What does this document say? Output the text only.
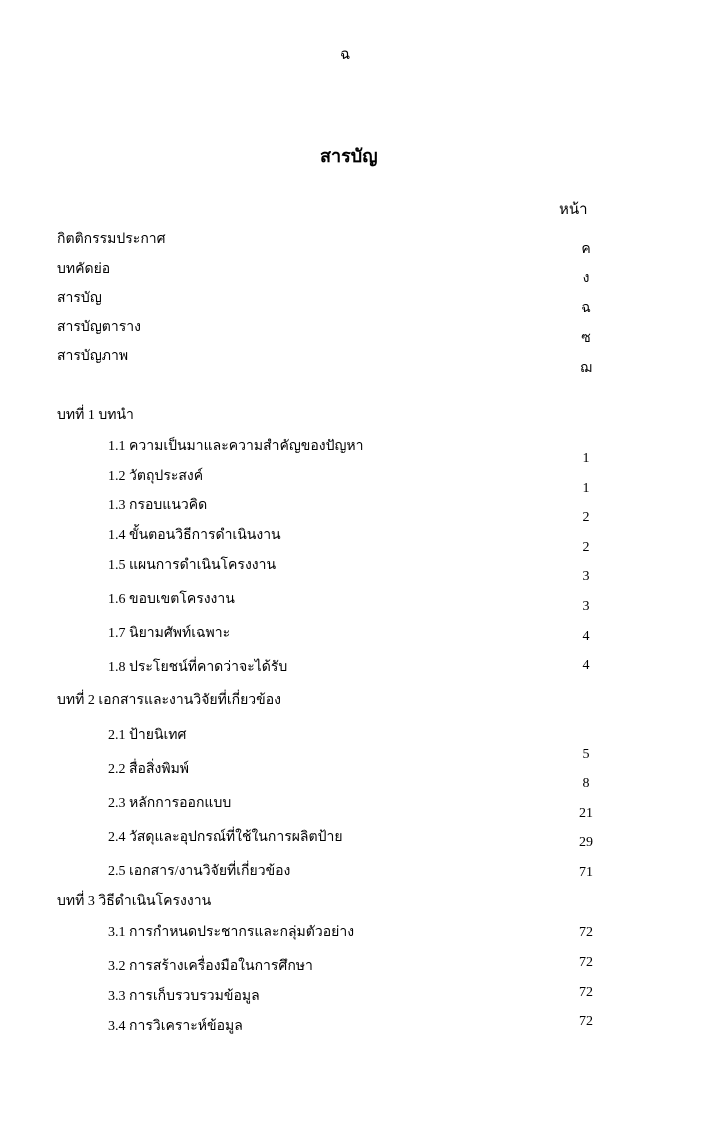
ฉ
สารบัญ
หน้า
กิตติกรรมประกาศ
บทคัดย่อ
สารบัญ
สารบัญตาราง
สารบัญภาพ
ค
ง
ฉ
ซ
ฌ
บทที่ 1 บทนำ
1.1 ความเป็นมาและความสำคัญของปัญหา
1.2 วัตถุประสงค์
1.3 กรอบแนวคิด
1.4 ขั้นตอนวิธีการดำเนินงาน
1.5 แผนการดำเนินโครงงาน
1.6 ขอบเขตโครงงาน
1.7 นิยามศัพท์เฉพาะ
1.8 ประโยชน์ที่คาดว่าจะได้รับ
1
1
2
2
3
3
4
4
บทที่ 2 เอกสารและงานวิจัยที่เกี่ยวข้อง
2.1 ป้ายนิเทศ
2.2 สื่อสิ่งพิมพ์
2.3 หลักการออกแบบ
2.4 วัสดุและอุปกรณ์ที่ใช้ในการผลิตป้าย
2.5 เอกสาร/งานวิจัยที่เกี่ยวข้อง
5
8
21
29
71
บทที่ 3 วิธีดำเนินโครงงาน
3.1 การกำหนดประชากรและกลุ่มตัวอย่าง
3.2 การสร้างเครื่องมือในการศึกษา
3.3 การเก็บรวบรวมข้อมูล
3.4 การวิเคราะห์ข้อมูล
72
72
72
72
